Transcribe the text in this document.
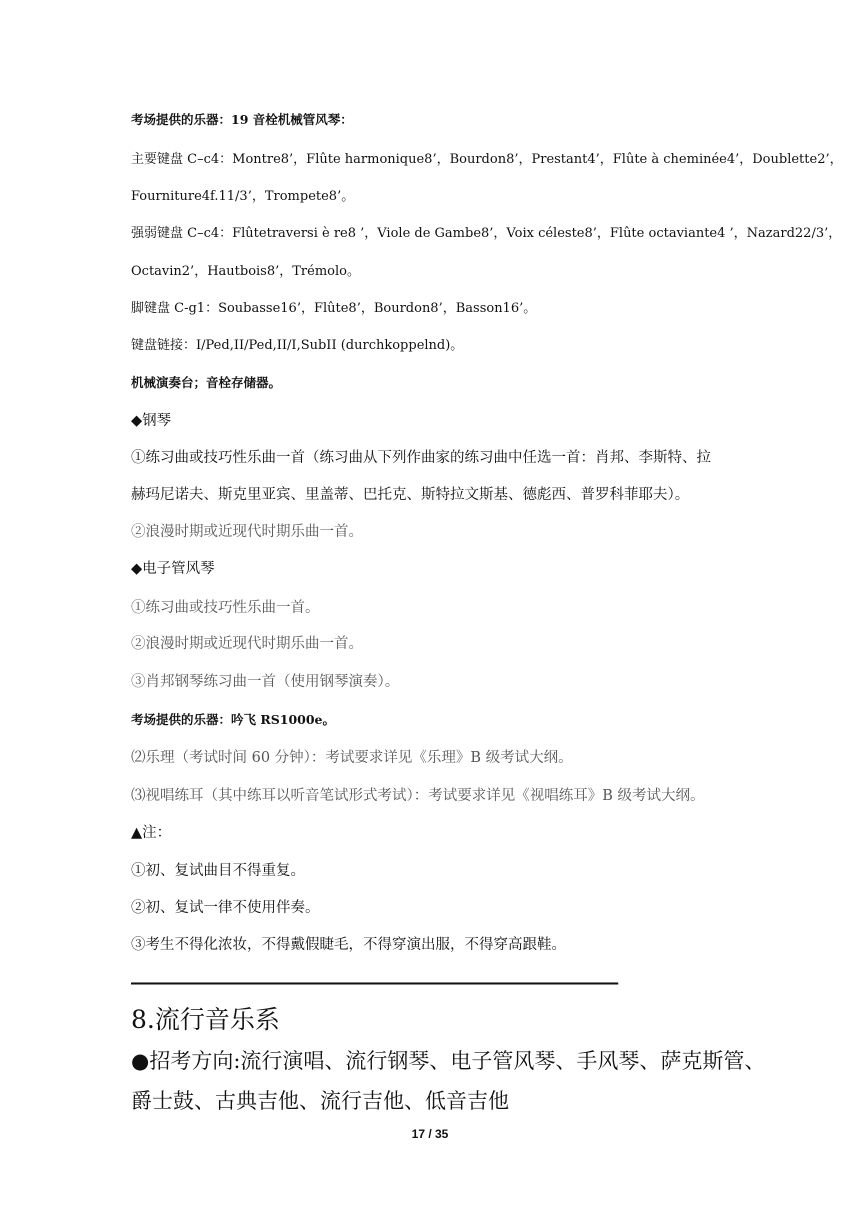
考场提供的乐器：19 音栓机械管风琴：
主要键盘 C–c4：Montre8’，Flûte harmonique8’，Bourdon8’，Prestant4’，Flûte à cheminée4’，Doublette2’，
Fourniture4f.11/3’，Trompete8’。
强弱键盘 C–c4：Flûtetraversi è re8 ’，Viole de Gambe8’，Voix céleste8’，Flûte octaviante4 ’，Nazard22/3’，
Octavin2’，Hautbois8’，Trémolo。
脚键盘 C-g1：Soubasse16’，Flûte8’，Bourdon8’，Basson16’。
键盘链接：I/Ped,II/Ped,II/I,SubII (durchkoppelnd)。
机械演奏台；音栓存储器。
◆钢琴
①练习曲或技巧性乐曲一首（练习曲从下列作曲家的练习曲中任选一首：肖邦、李斯特、拉
赫玛尼诺夫、斯克里亚宾、里盖蒂、巴托克、斯特拉文斯基、德彪西、普罗科菲耶夫）。
②浪漫时期或近现代时期乐曲一首。
◆电子管风琴
①练习曲或技巧性乐曲一首。
②浪漫时期或近现代时期乐曲一首。
③肖邦钢琴练习曲一首（使用钢琴演奏）。
考场提供的乐器：吟飞 RS1000e。
⑵乐理（考试时间 60 分钟）：考试要求详见《乐理》B 级考试大纲。
⑶视唱练耳（其中练耳以听音笔试形式考试）：考试要求详见《视唱练耳》B 级考试大纲。
▲注：
①初、复试曲目不得重复。
②初、复试一律不使用伴奏。
③考生不得化浓妆，不得戴假睫毛，不得穿演出服，不得穿高跟鞋。
——————————————————————————————————————————————————
8.流行音乐系
●招考方向:流行演唱、流行钢琴、电子管风琴、手风琴、萨克斯管、
爵士鼓、古典吉他、流行吉他、低音吉他
17 / 35
